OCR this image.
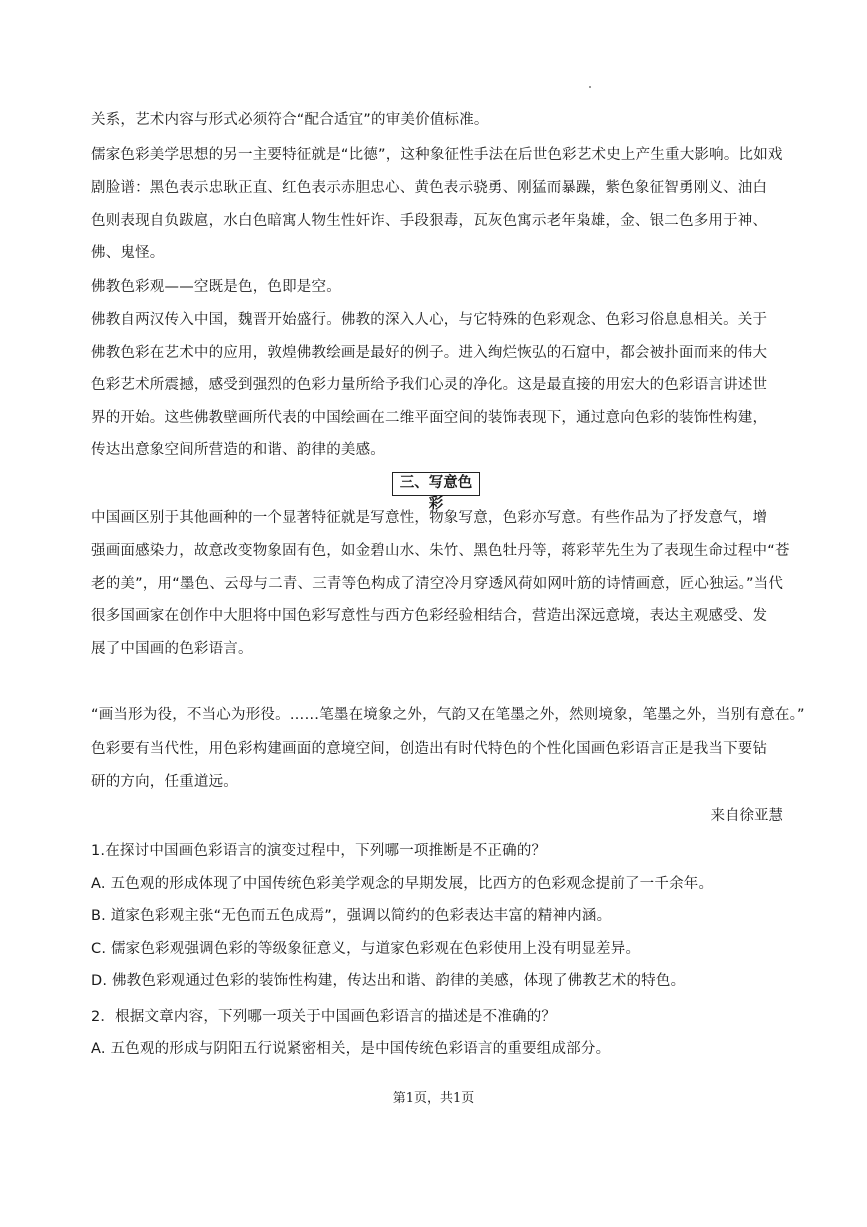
关系，艺术内容与形式必须符合“配合适宜”的审美价值标准。
儒家色彩美学思想的另一主要特征就是“比德”，这种象征性手法在后世色彩艺术史上产生重大影响。比如戏
剧脸谱：黑色表示忠耿正直、红色表示赤胆忠心、黄色表示骁勇、刚猛而暴躁，紫色象征智勇刚义、油白
色则表现自负跋扈，水白色暗寓人物生性奸诈、手段狠毒，瓦灰色寓示老年枭雄，金、银二色多用于神、
佛、鬼怪。
佛教色彩观——空既是色，色即是空。
佛教自两汉传入中国，魏晋开始盛行。佛教的深入人心，与它特殊的色彩观念、色彩习俗息息相关。关于
佛教色彩在艺术中的应用，敦煌佛教绘画是最好的例子。进入绚烂恢弘的石窟中，都会被扑面而来的伟大
色彩艺术所震撼，感受到强烈的色彩力量所给予我们心灵的净化。这是最直接的用宏大的色彩语言讲述世
界的开始。这些佛教壁画所代表的中国绘画在二维平面空间的装饰表现下，通过意向色彩的装饰性构建，
传达出意象空间所营造的和谐、韵律的美感。
三、写意色彩
中国画区别于其他画种的一个显著特征就是写意性，物象写意，色彩亦写意。有些作品为了抒发意气，增
强画面感染力，故意改变物象固有色，如金碧山水、朱竹、黑色牡丹等，蒋彩苹先生为了表现生命过程中“苍
老的美”，用“墨色、云母与二青、三青等色构成了清空冷月穿透风荷如网叶筋的诗情画意，匠心独运。”当代
很多国画家在创作中大胆将中国色彩写意性与西方色彩经验相结合，营造出深远意境，表达主观感受、发
展了中国画的色彩语言。
“画当形为役，不当心为形役。……笔墨在境象之外，气韵又在笔墨之外，然则境象，笔墨之外，当别有意在。”
色彩要有当代性，用色彩构建画面的意境空间，创造出有时代特色的个性化国画色彩语言正是我当下要钻
研的方向，任重道远。
来自徐亚慧
1.在探讨中国画色彩语言的演变过程中，下列哪一项推断是不正确的？
A. 五色观的形成体现了中国传统色彩美学观念的早期发展，比西方的色彩观念提前了一千余年。
B. 道家色彩观主张“无色而五色成焉”，强调以简约的色彩表达丰富的精神内涵。
C. 儒家色彩观强调色彩的等级象征意义，与道家色彩观在色彩使用上没有明显差异。
D. 佛教色彩观通过色彩的装饰性构建，传达出和谐、韵律的美感，体现了佛教艺术的特色。
2．根据文章内容，下列哪一项关于中国画色彩语言的描述是不准确的？
A. 五色观的形成与阴阳五行说紧密相关，是中国传统色彩语言的重要组成部分。
第1页，共1页
